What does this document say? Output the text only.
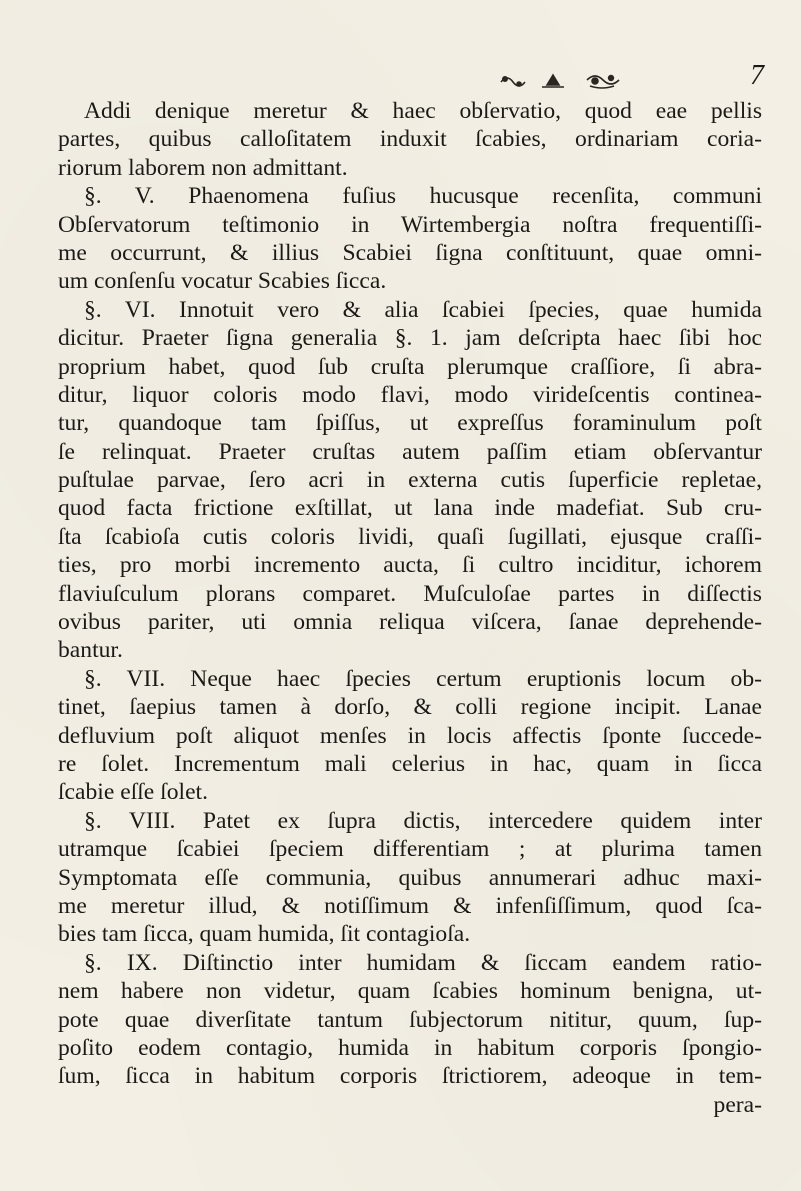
7
Addi denique meretur & haec obſervatio, quod eae pellis
partes, quibus calloſitatem induxit ſcabies, ordinariam coria-
riorum laborem non admittant.
§. V. Phaenomena fuſius hucusque recenſita, communi
Obſervatorum teſtimonio in Wirtembergia noſtra frequentiſſi-
me occurrunt, & illius Scabiei ſigna conſtituunt, quae omni-
um conſenſu vocatur Scabies ſicca.
§. VI. Innotuit vero & alia ſcabiei ſpecies, quae humida
dicitur. Praeter ſigna generalia §. 1. jam deſcripta haec ſibi hoc
proprium habet, quod ſub cruſta plerumque craſſiore, ſi abra-
ditur, liquor coloris modo flavi, modo virideſcentis continea-
tur, quandoque tam ſpiſſus, ut expreſſus foraminulum poſt
ſe relinquat. Praeter cruſtas autem paſſim etiam obſervantur
puſtulae parvae, ſero acri in externa cutis ſuperficie repletae,
quod facta frictione exſtillat, ut lana inde madefiat. Sub cru-
ſta ſcabioſa cutis coloris lividi, quaſi ſugillati, ejusque craſſi-
ties, pro morbi incremento aucta, ſi cultro inciditur, ichorem
flaviuſculum plorans comparet. Muſculoſae partes in diſſectis
ovibus pariter, uti omnia reliqua viſcera, ſanae deprehende-
bantur.
§. VII. Neque haec ſpecies certum eruptionis locum ob-
tinet, ſaepius tamen à dorſo, & colli regione incipit. Lanae
defluvium poſt aliquot menſes in locis affectis ſponte ſuccede-
re ſolet. Incrementum mali celerius in hac, quam in ſicca
ſcabie eſſe ſolet.
§. VIII. Patet ex ſupra dictis, intercedere quidem inter
utramque ſcabiei ſpeciem differentiam ; at plurima tamen
Symptomata eſſe communia, quibus annumerari adhuc maxi-
me meretur illud, & notiſſimum & infenſiſſimum, quod ſca-
bies tam ſicca, quam humida, ſit contagioſa.
§. IX. Diſtinctio inter humidam & ſiccam eandem ratio-
nem habere non videtur, quam ſcabies hominum benigna, ut-
pote quae diverſitate tantum ſubjectorum nititur, quum, ſup-
poſito eodem contagio, humida in habitum corporis ſpongio-
ſum, ſicca in habitum corporis ſtrictiorem, adeoque in tem-
pera-
